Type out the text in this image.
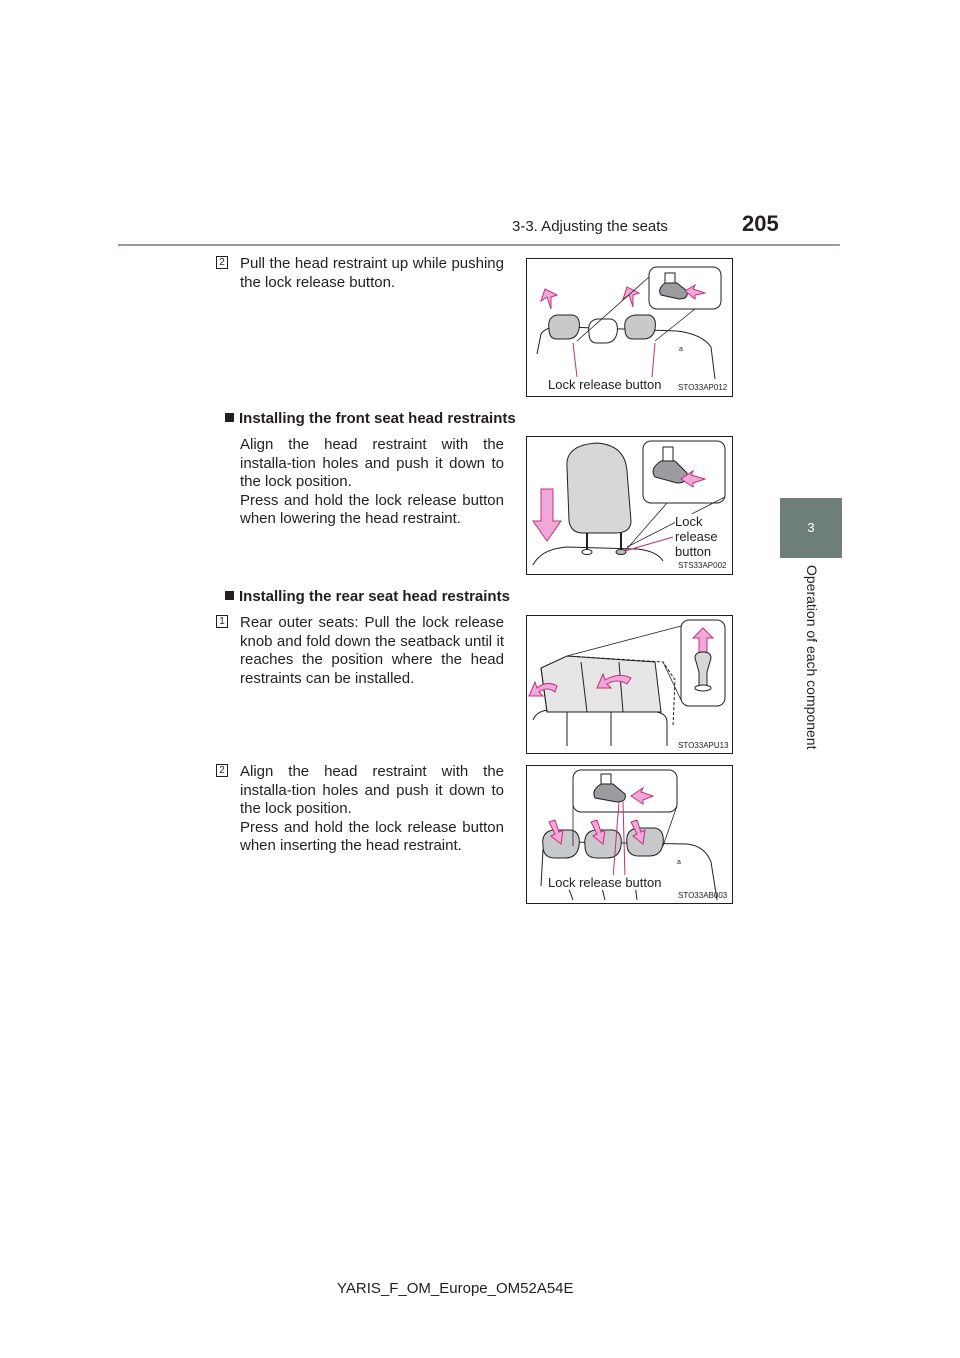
3-3. Adjusting the seats	205
3
Operation of each component
2 Pull the head restraint up while pushing the lock release button.
a
Lock release button STO33AP012
Installing the front seat head restraints

Align the head restraint with the installa-tion holes and push it down to the lock position.

Press and hold the lock release button when lowering the head restraint.	Lock
release
button
STS33AP002
Installing the rear seat head restraints
1 Rear outer seats: Pull the lock release knob and fold down the seatback until it reaches the position where the head restraints can be installed.
STO33APU13
2 Align the head restraint with the installa-tion holes and push it down to the lock position.

Press and hold the lock release button when inserting the head restraint.

a
Lock release button
STO33AB003
YARIS_F_OM_Europe_OM52A54E
